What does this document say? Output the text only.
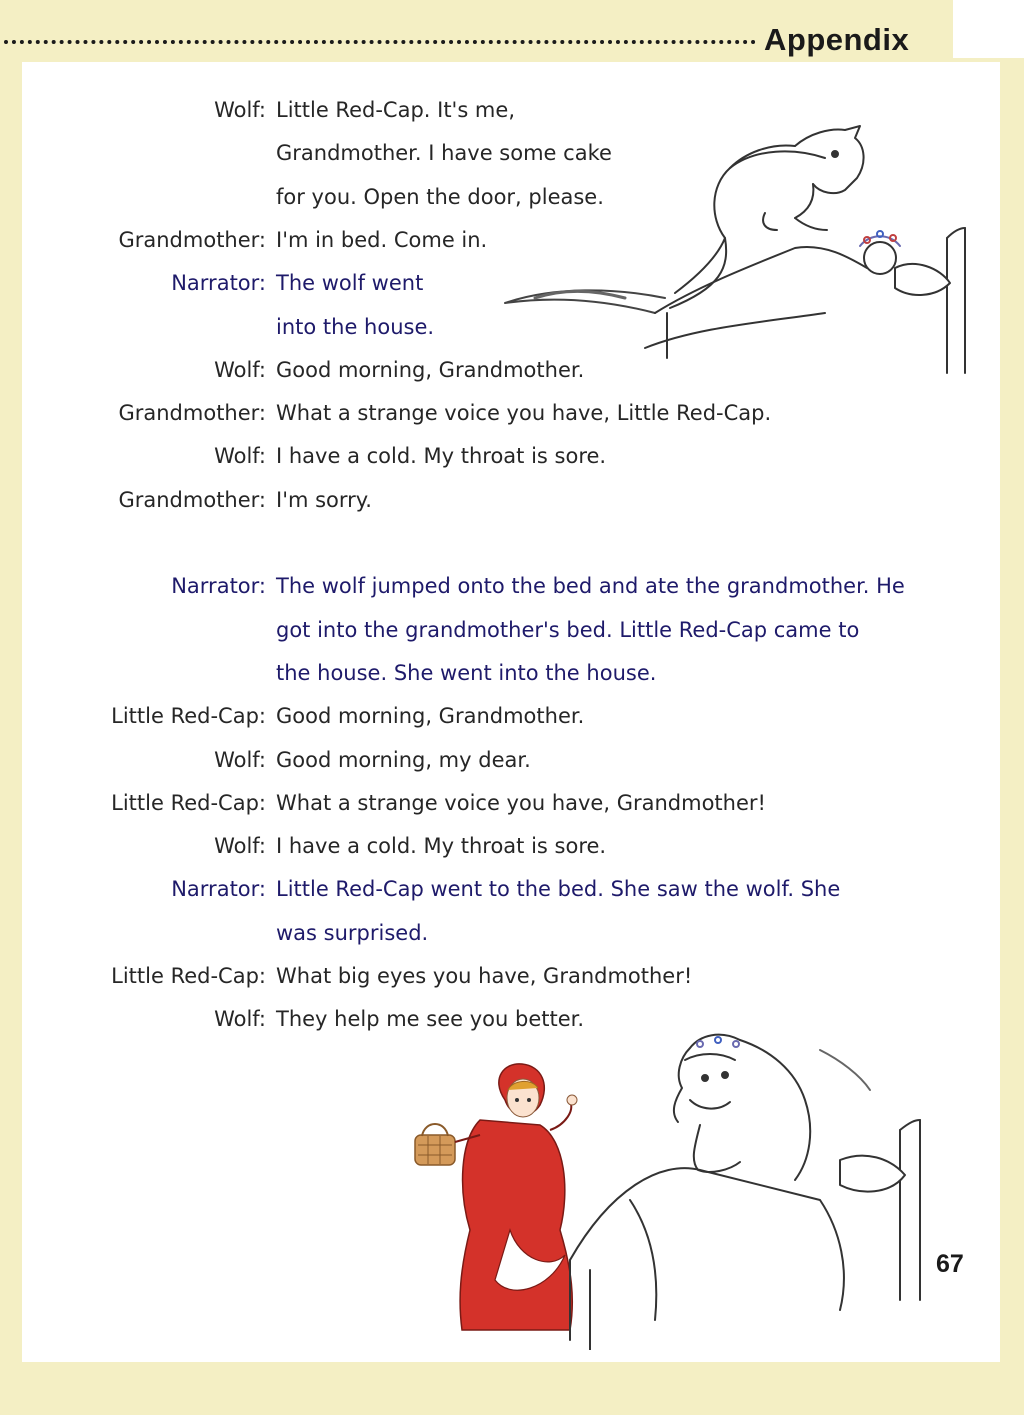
Appendix
Wolf: Little Red-Cap. It's me,
Grandmother. I have some cake
for you. Open the door, please.
Grandmother: I'm in bed. Come in.
Narrator: The wolf went
into the house.
Wolf: Good morning, Grandmother.
Grandmother: What a strange voice you have, Little Red-Cap.
Wolf: I have a cold. My throat is sore.
Grandmother: I'm sorry.
Narrator: The wolf jumped onto the bed and ate the grandmother. He
got into the grandmother's bed. Little Red-Cap came to
the house. She went into the house.
Little Red-Cap: Good morning, Grandmother.
Wolf: Good morning, my dear.
Little Red-Cap: What a strange voice you have, Grandmother!
Wolf: I have a cold. My throat is sore.
Narrator: Little Red-Cap went to the bed. She saw the wolf. She
was surprised.
Little Red-Cap: What big eyes you have, Grandmother!
Wolf: They help me see you better.
67
